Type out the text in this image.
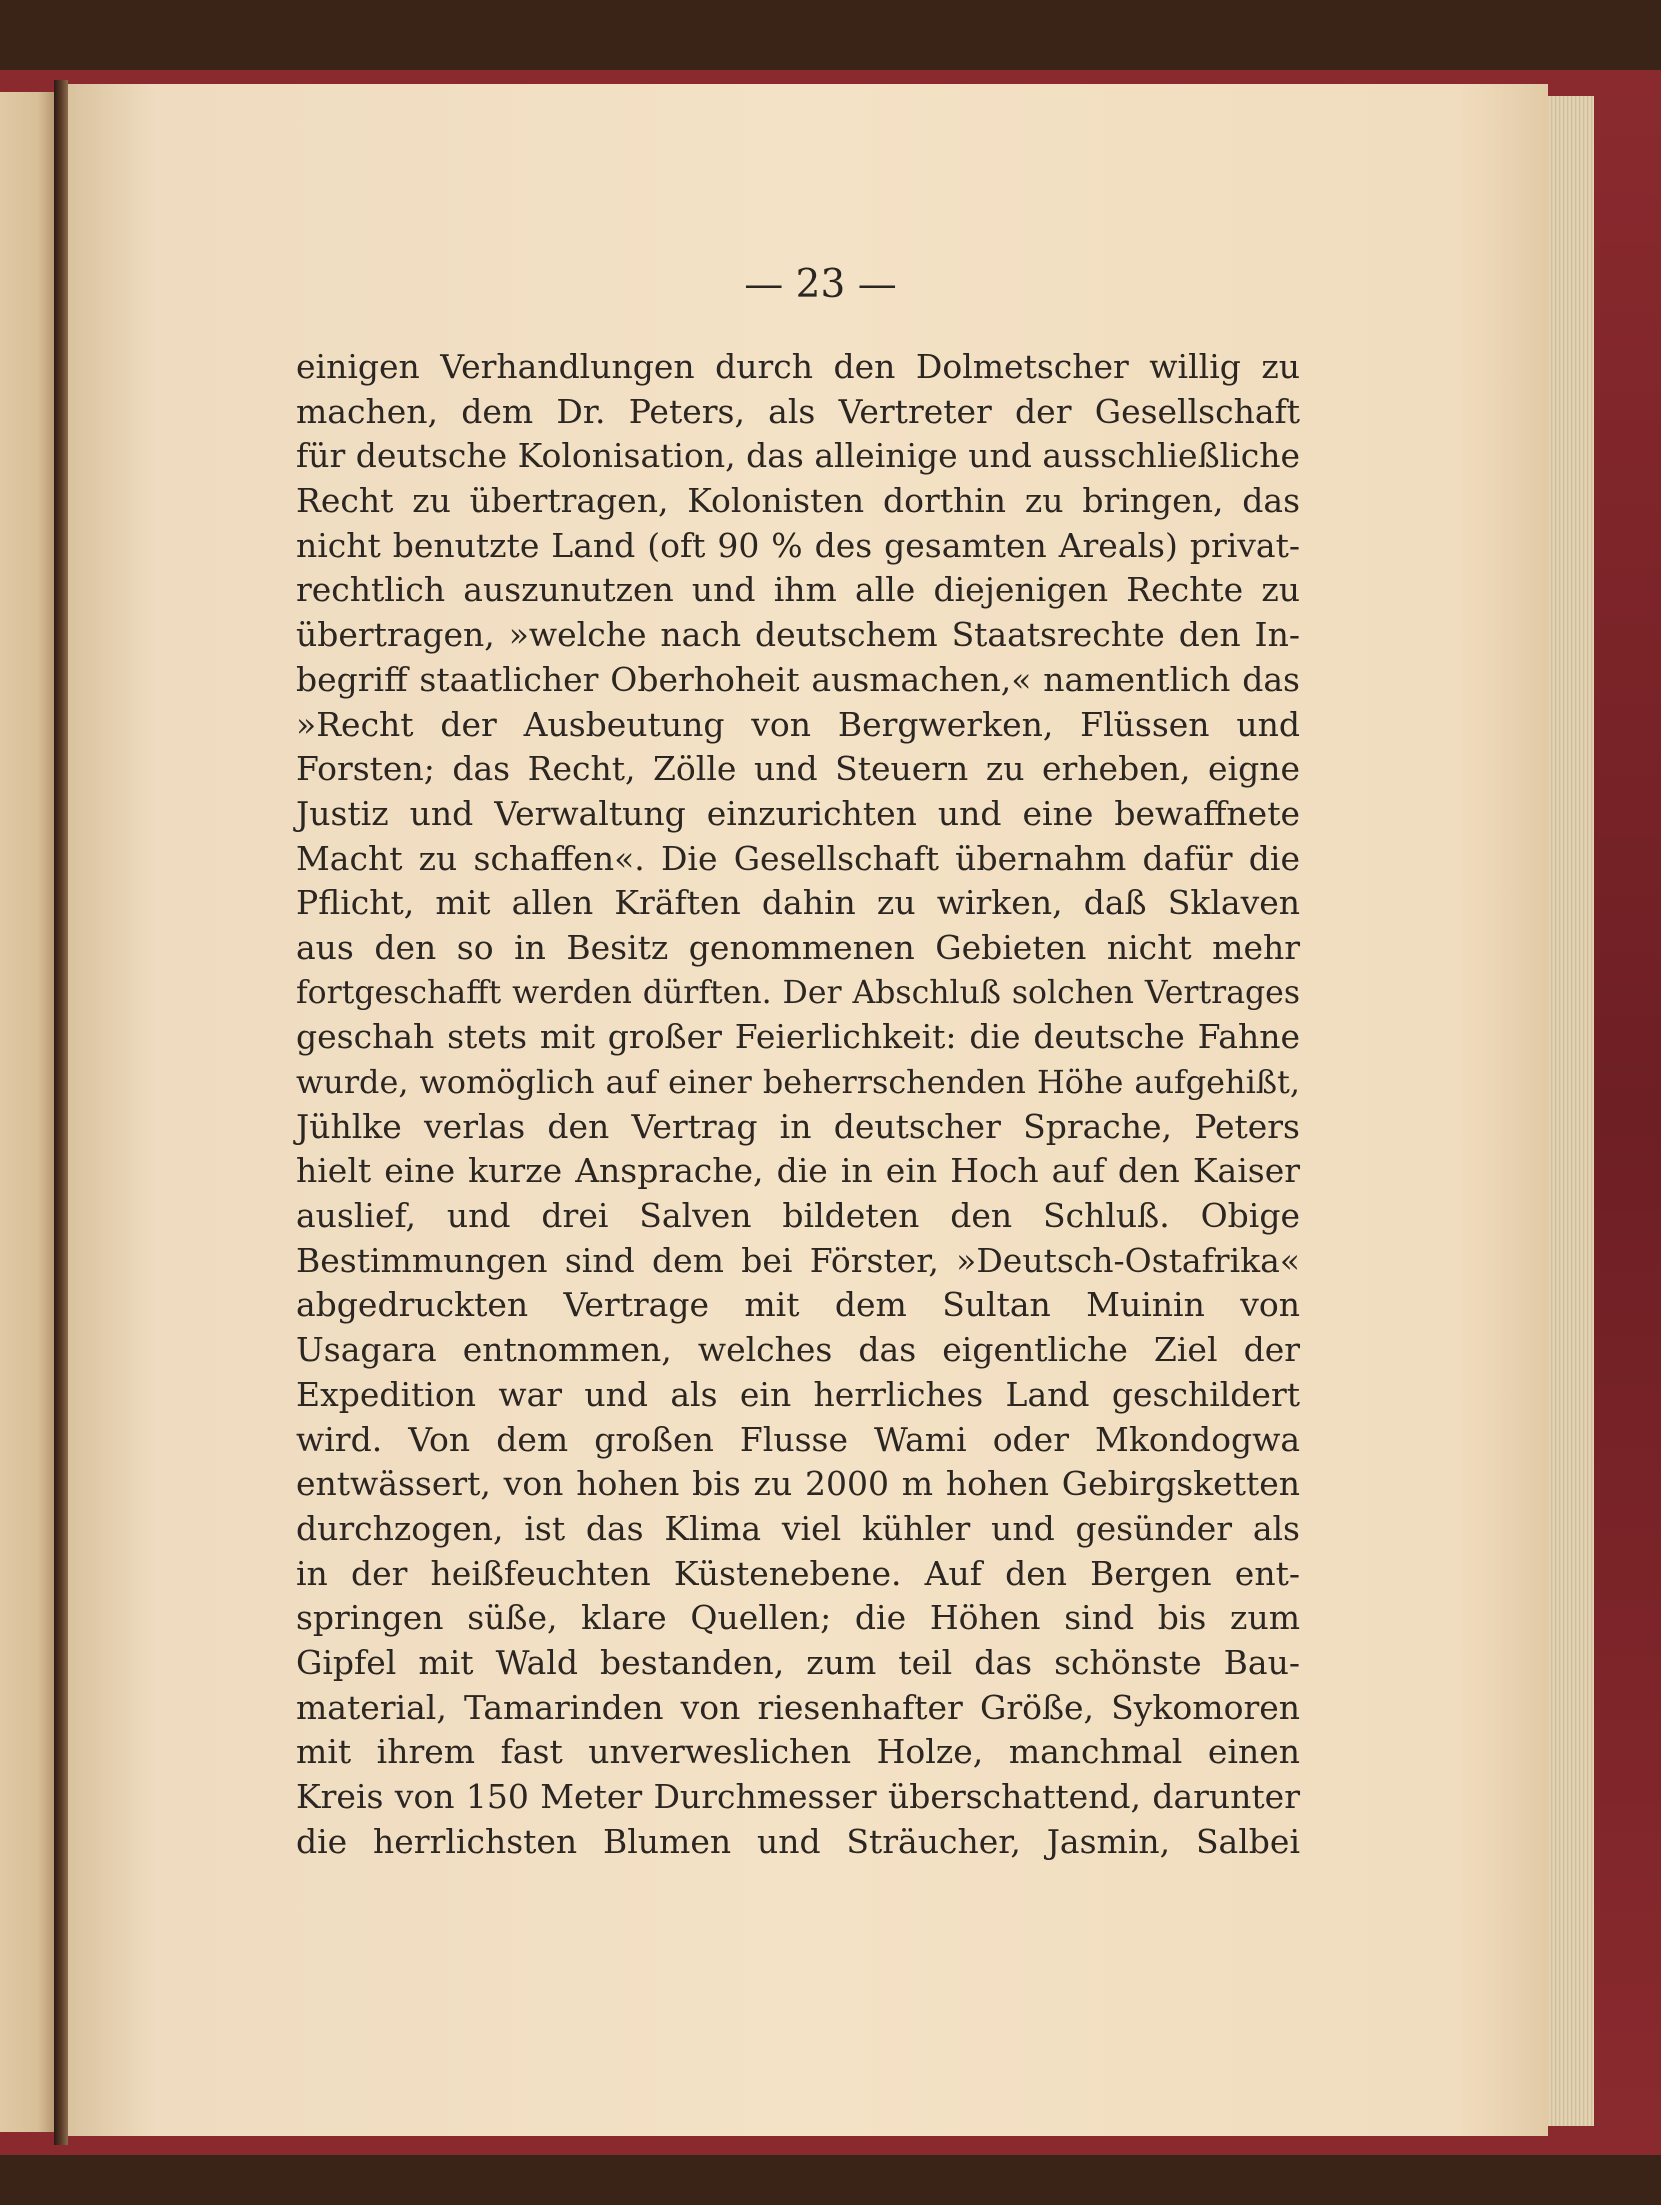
— 23 —
einigen Verhandlungen durch den Dolmetscher willig zu
machen, dem Dr. Peters, als Vertreter der Gesellschaft
für deutsche Kolonisation, das alleinige und ausschließliche
Recht zu übertragen, Kolonisten dorthin zu bringen, das
nicht benutzte Land (oft 90 % des gesamten Areals) privat-
rechtlich auszunutzen und ihm alle diejenigen Rechte zu
übertragen, »welche nach deutschem Staatsrechte den In-
begriff staatlicher Oberhoheit ausmachen,« namentlich das
»Recht der Ausbeutung von Bergwerken, Flüssen und
Forsten; das Recht, Zölle und Steuern zu erheben, eigne
Justiz und Verwaltung einzurichten und eine bewaffnete
Macht zu schaffen«. Die Gesellschaft übernahm dafür die
Pflicht, mit allen Kräften dahin zu wirken, daß Sklaven
aus den so in Besitz genommenen Gebieten nicht mehr
fortgeschafft werden dürften. Der Abschluß solchen Vertrages
geschah stets mit großer Feierlichkeit: die deutsche Fahne
wurde, womöglich auf einer beherrschenden Höhe aufgehißt,
Jühlke verlas den Vertrag in deutscher Sprache, Peters
hielt eine kurze Ansprache, die in ein Hoch auf den Kaiser
auslief, und drei Salven bildeten den Schluß. Obige
Bestimmungen sind dem bei Förster, »Deutsch-Ostafrika«
abgedruckten Vertrage mit dem Sultan Muinin von
Usagara entnommen, welches das eigentliche Ziel der
Expedition war und als ein herrliches Land geschildert
wird. Von dem großen Flusse Wami oder Mkondogwa
entwässert, von hohen bis zu 2000 m hohen Gebirgsketten
durchzogen, ist das Klima viel kühler und gesünder als
in der heißfeuchten Küstenebene. Auf den Bergen ent-
springen süße, klare Quellen; die Höhen sind bis zum
Gipfel mit Wald bestanden, zum teil das schönste Bau-
material, Tamarinden von riesenhafter Größe, Sykomoren
mit ihrem fast unverweslichen Holze, manchmal einen
Kreis von 150 Meter Durchmesser überschattend, darunter
die herrlichsten Blumen und Sträucher, Jasmin, Salbei
